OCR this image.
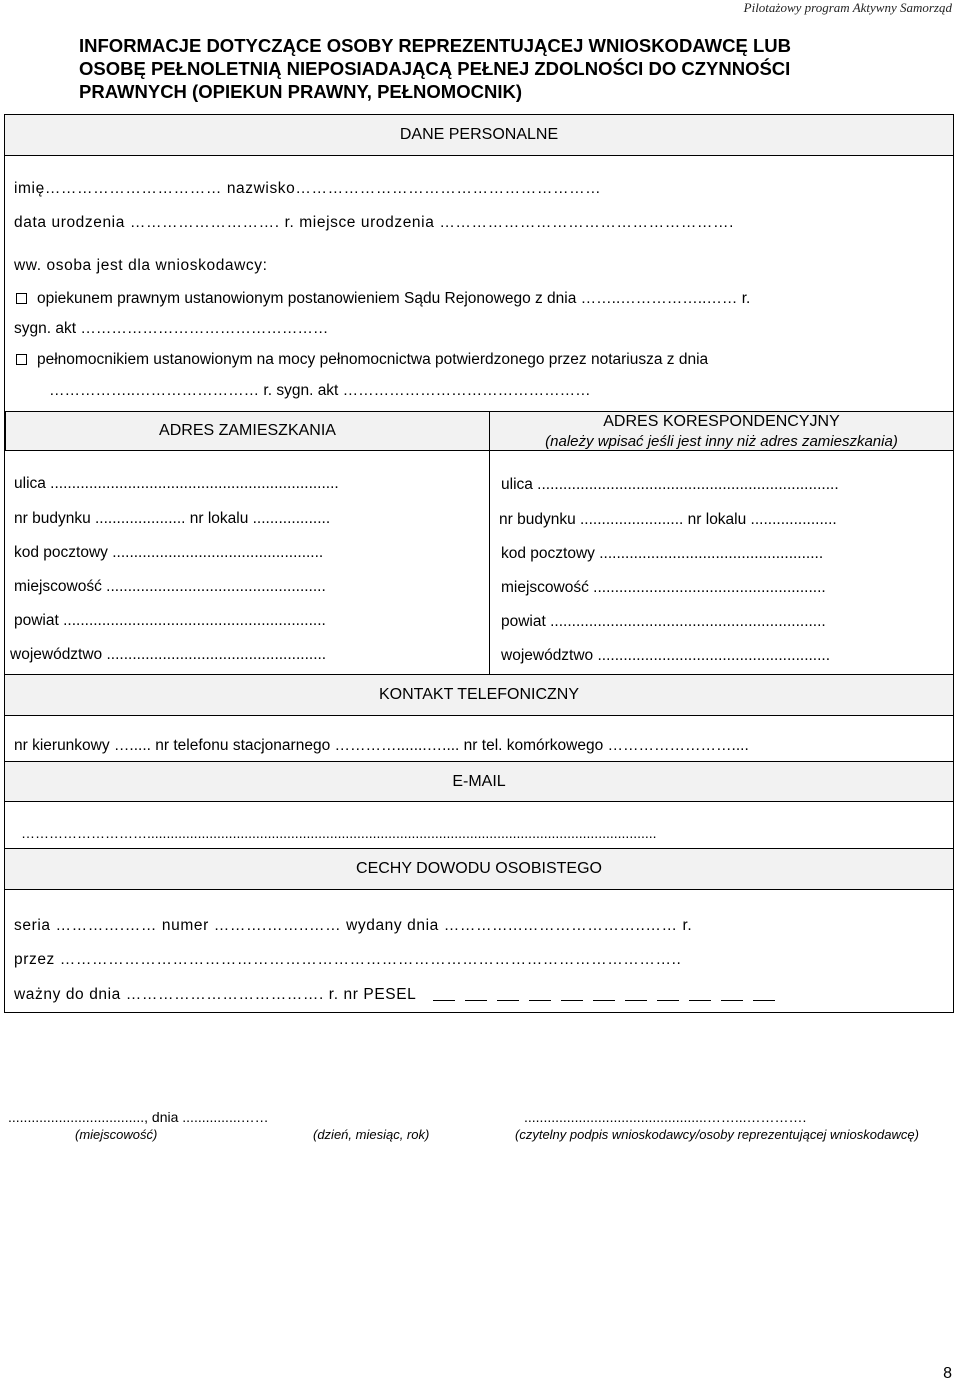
Pilotażowy program Aktywny Samorząd
INFORMACJE DOTYCZĄCE OSOBY REPREZENTUJĄCEJ WNIOSKODAWCĘ LUB
OSOBĘ PEŁNOLETNIĄ NIEPOSIADAJĄCĄ PEŁNEJ ZDOLNOŚCI DO CZYNNOŚCI
PRAWNYCH (OPIEKUN PRAWNY, PEŁNOMOCNIK)
DANE PERSONALNE
imię…………………………… nazwisko…………………………………………………
data urodzenia ………………………. r. miejsce urodzenia ……………………………………………….
ww. osoba jest dla wnioskodawcy:
opiekunem prawnym ustanowionym postanowieniem Sądu Rejonowego z dnia ……..……………..…… r.
sygn. akt …………………………………………
pełnomocnikiem ustanowionym na mocy pełnomocnictwa potwierdzonego przez notariusza z dnia
……………..…………………… r. sygn. akt …………………………………………
ADRES ZAMIESZKANIA
ADRES KORESPONDENCYJNY
(należy wpisać jeśli jest inny niż adres zamieszkania)
ulica ...................................................................
nr budynku ..................... nr lokalu ..................
kod pocztowy .................................................
miejscowość ...................................................
powiat .............................................................
województwo ...................................................
ulica ......................................................................
nr budynku ........................ nr lokalu ....................
kod pocztowy ....................................................
miejscowość ......................................................
powiat ................................................................
województwo ......................................................
KONTAKT TELEFONICZNY
nr kierunkowy …..... nr telefonu stacjonarnego ………….......….... nr tel. komórkowego ……………………....
E-MAIL
………………………...................................................................................................................................
CECHY DOWODU OSOBISTEGO
seria ………….…… numer ……….……..…… wydany dnia …………...…………………..…… r.
przez ……………………………………………………………………………………………………..
ważny do dnia ………………………………. r. nr PESEL
..................................., dnia ...............……	...............................................……...………….
(miejscowość)	(dzień, miesiąc, rok)	(czytelny podpis wnioskodawcy/osoby reprezentującej wnioskodawcę)
8
